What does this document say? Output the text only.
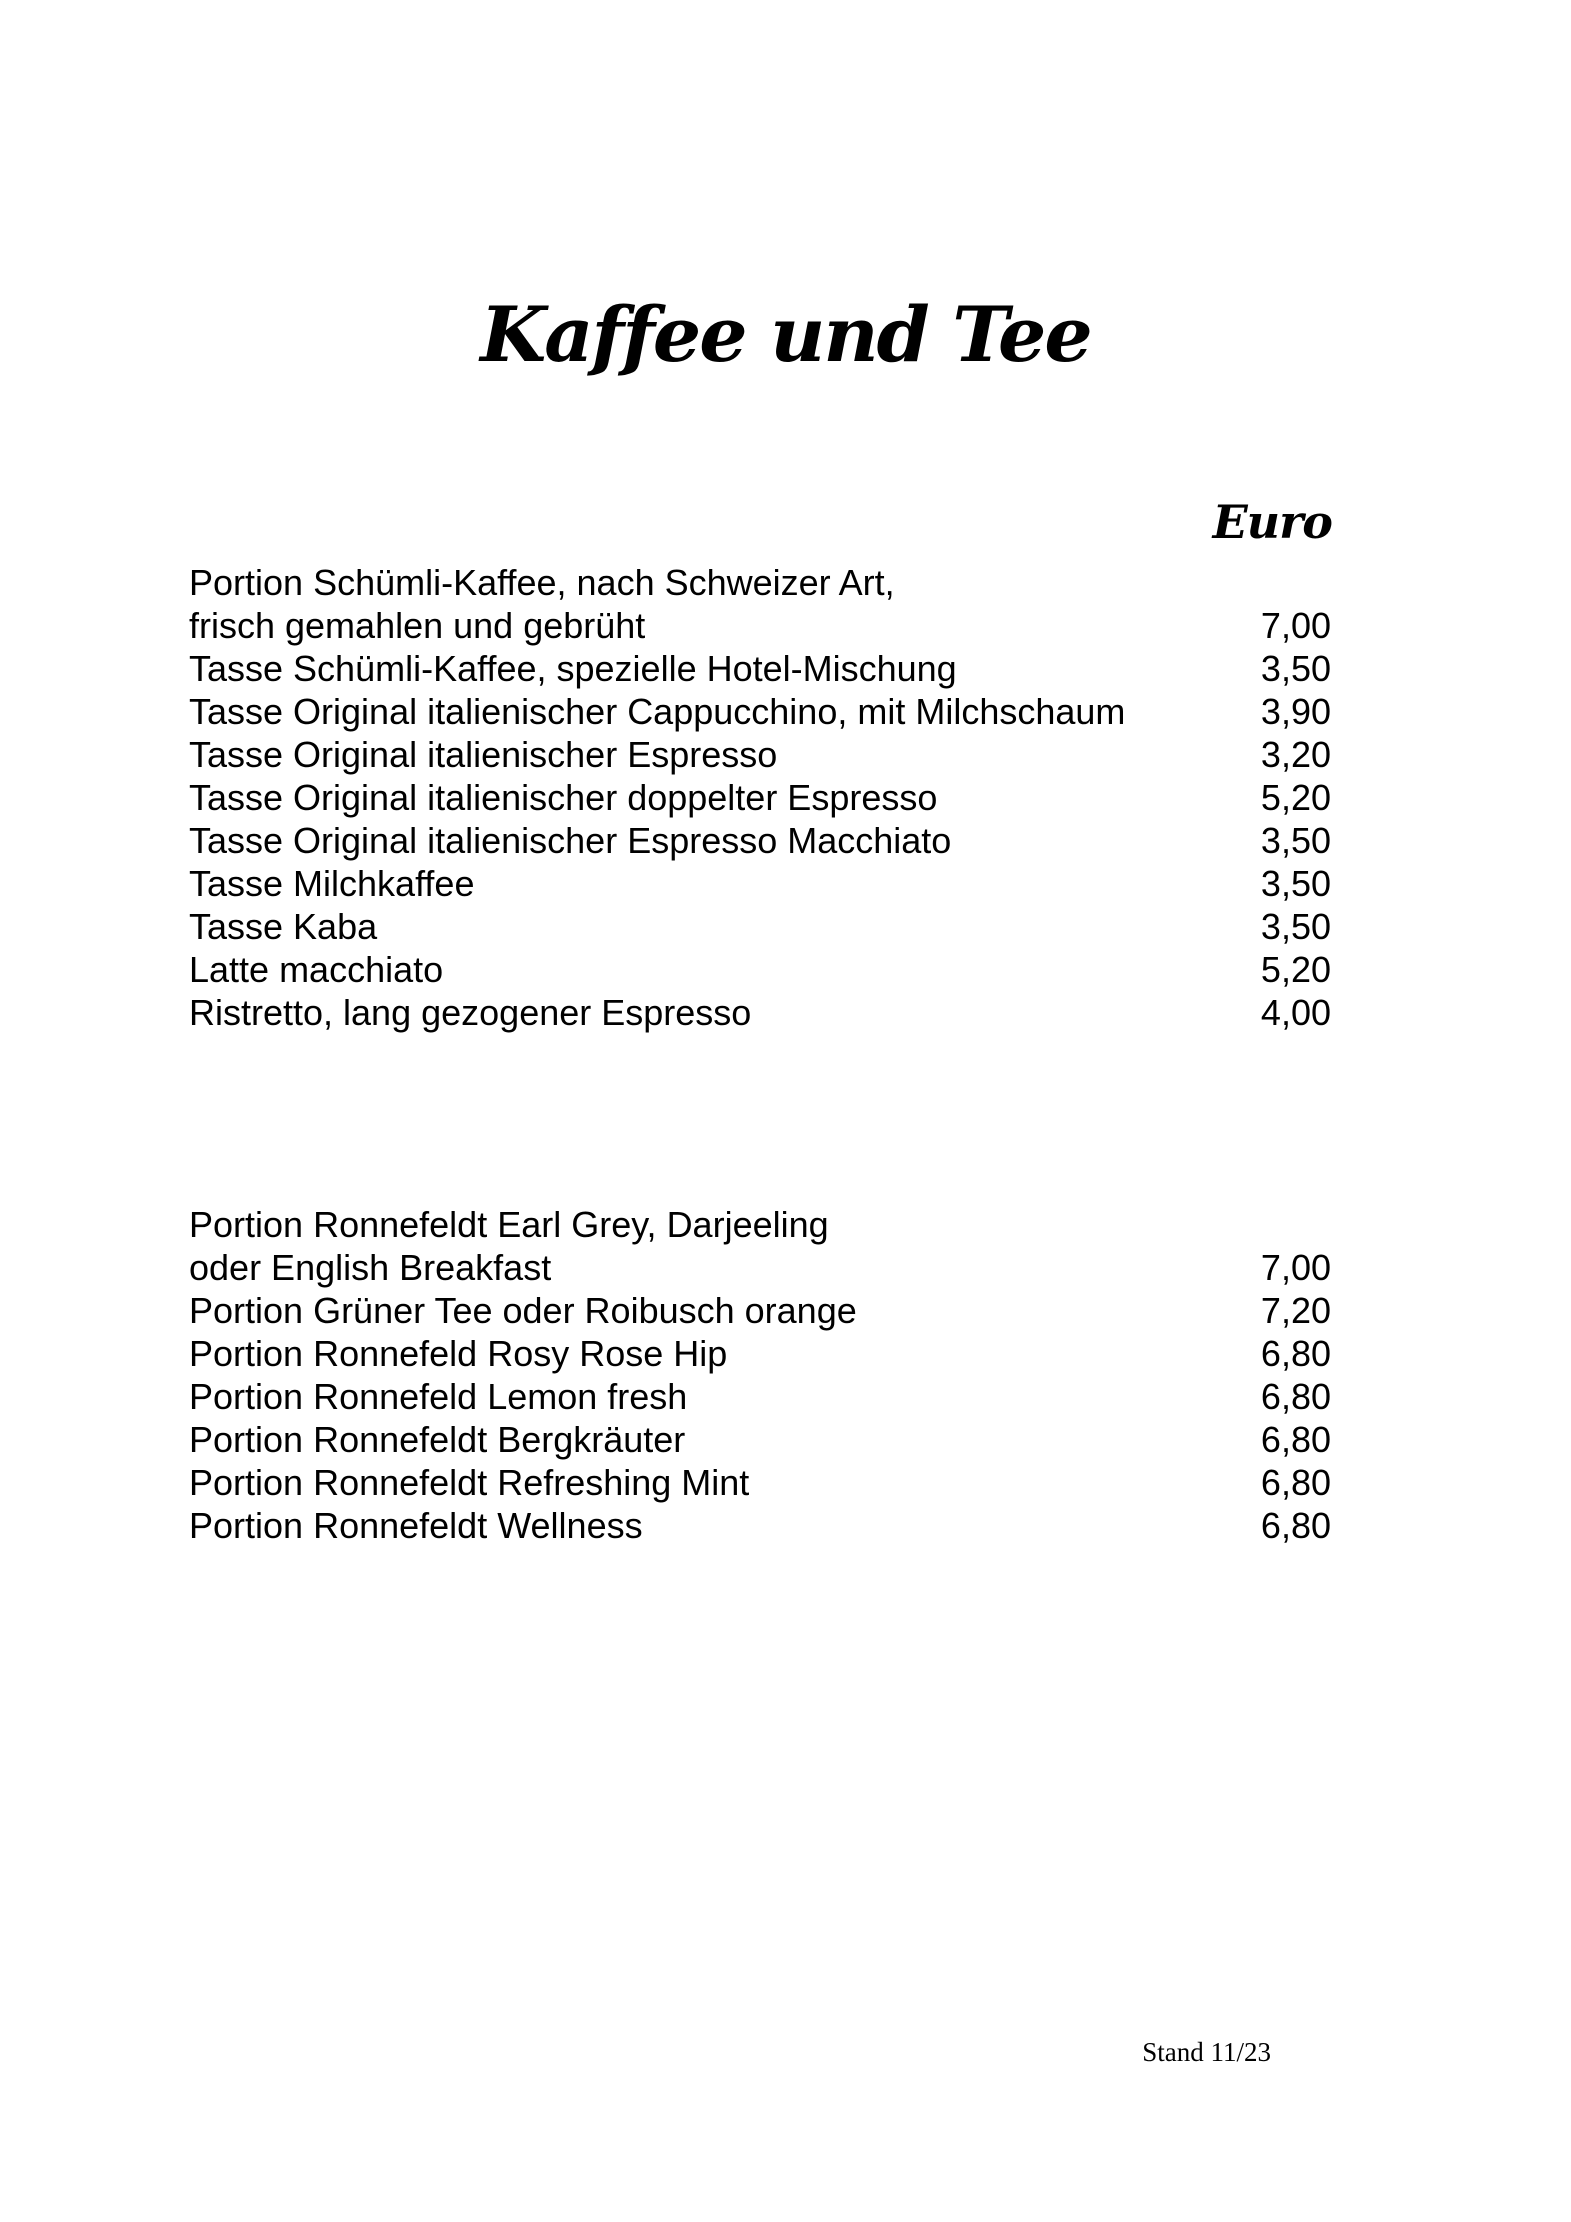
Kaffee und Tee
Euro
Portion Schümli-Kaffee, nach Schweizer Art,
frisch gemahlen und gebrüht	7,00
Tasse Schümli-Kaffee, spezielle Hotel-Mischung	3,50
Tasse Original italienischer Cappucchino, mit Milchschaum	3,90
Tasse Original italienischer Espresso	3,20
Tasse Original italienischer doppelter Espresso	5,20
Tasse Original italienischer Espresso Macchiato	3,50
Tasse Milchkaffee	3,50
Tasse Kaba	3,50
Latte macchiato	5,20
Ristretto, lang gezogener Espresso	4,00
Portion Ronnefeldt Earl Grey, Darjeeling
oder English Breakfast	7,00
Portion Grüner Tee oder Roibusch orange	7,20
Portion Ronnefeld Rosy Rose Hip	6,80
Portion Ronnefeld Lemon fresh	6,80
Portion Ronnefeldt Bergkräuter	6,80
Portion Ronnefeldt Refreshing Mint	6,80
Portion Ronnefeldt Wellness	6,80
Stand 11/23
